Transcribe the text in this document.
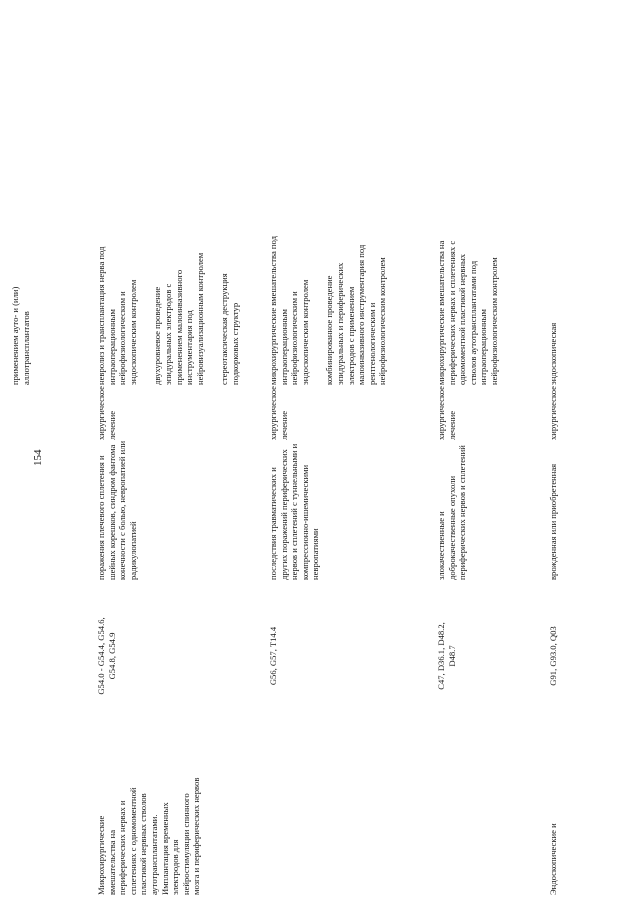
154
применением ауто- и (или) аллотрансплантатов
Микрохирургические вмешательства на периферических нервах и сплетениях с одномоментной пластикой нервных стволов аутотрансплантатами. Имплантация временных электродов для нейростимуляции спинного мозга и периферических нервов
G54.0 - G54.4, G54.6, G54.8, G54.9
поражения плечевого сплетения и шейных корешков, синдром фантома конечности с болью, невропатией или радикулопатией
хирургическое лечение
невролиз и трансплантация нерва под интраоперационным нейрофизиологическим и эндоскопическим контролем двухуровневое проведение эпидуральных электродов с применением малоинвазивного инструментария под нейровизуализационным контролем стереотаксическая деструкция подкорковых структур
G56, G57, T14.4
последствия травматических и других поражений периферических нервов и сплетений с туннельными и компрессионно-ишемическими невропатиями
хирургическое лечение
микрохирургические вмешательства под интраоперационным нейрофизиологическим и эндоскопическим контролем комбинированное проведение эпидуральных и периферических электродов с применением малоинвазивного инструментария под рентгенологическим и нейрофизиологическим контролем
C47, D36.1, D48.2, D48.7
злокачественные и доброкачественные опухоли периферических нервов и сплетений
хирургическое лечение
микрохирургические вмешательства на периферических нервах и сплетениях с одномоментной пластикой нервных стволов аутотрансплантатами под интраоперационным нейрофизиологическим контролем
Эндоскопические и
G91, G93.0, Q03
врожденная или приобретенная
хирургическое
эндоскопическая
